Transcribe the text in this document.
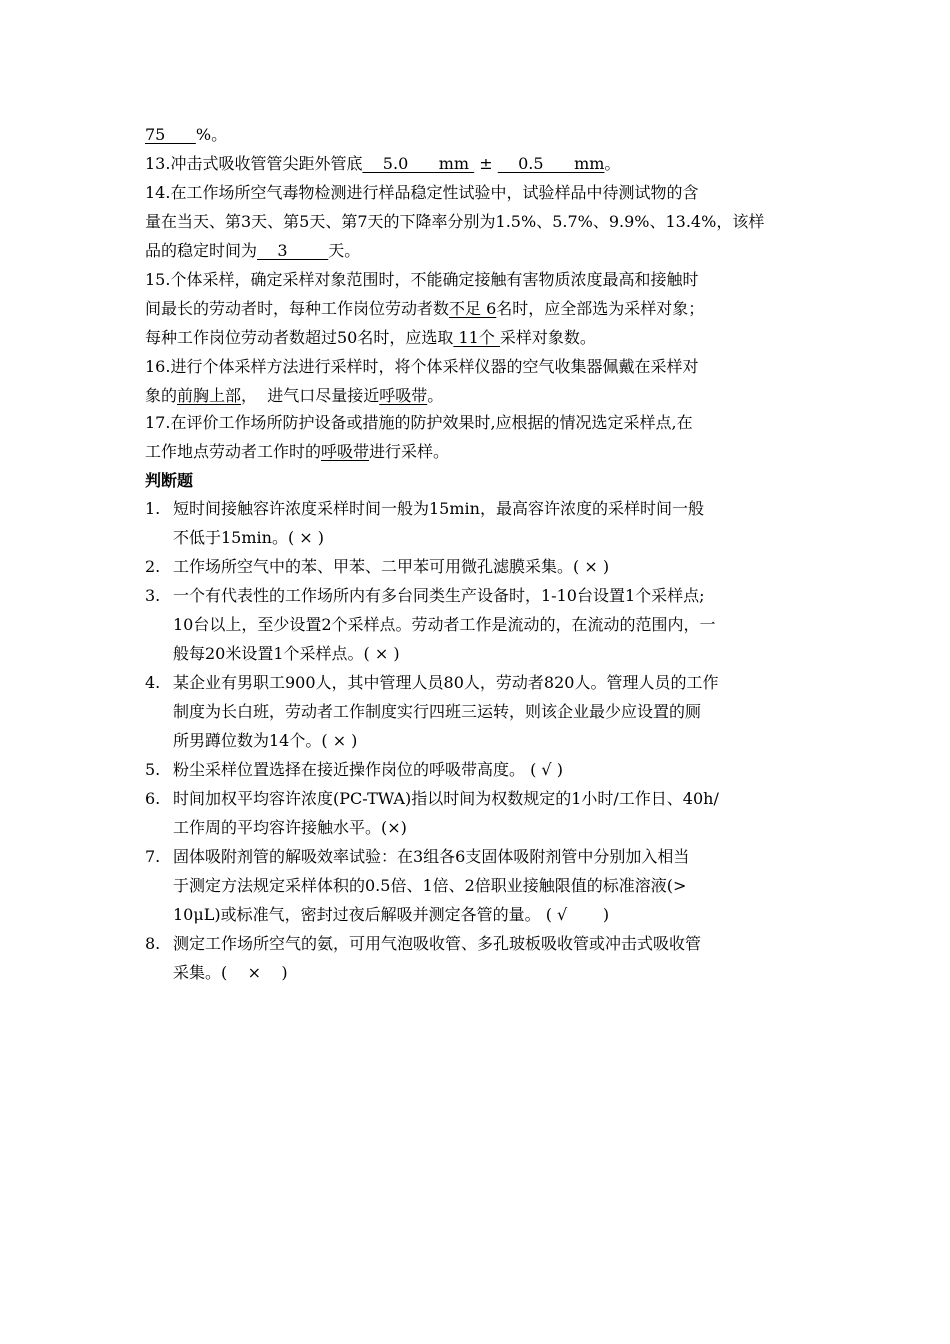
75      %。
13.冲击式吸收管管尖距外管底    5.0      mm  ±     0.5      mm。
14.在工作场所空气毒物检测进行样品稳定性试验中，试验样品中待测试物的含
量在当天、第3天、第5天、第7天的下降率分别为1.5%、5.7%、9.9%、13.4%，该样
品的稳定时间为    3        天。
15.个体采样，确定采样对象范围时，不能确定接触有害物质浓度最高和接触时
间最长的劳动者时，每种工作岗位劳动者数不足 6名时，应全部选为采样对象；
每种工作岗位劳动者数超过50名时，应选取 11个 采样对象数。
16.进行个体采样方法进行采样时，将个体采样仪器的空气收集器佩戴在采样对
象的前胸上部，  进气口尽量接近呼吸带。
17.在评价工作场所防护设备或措施的防护效果时,应根据的情况选定采样点,在
工作地点劳动者工作时的呼吸带进行采样。
判断题
1. 短时间接触容许浓度采样时间一般为15min，最高容许浓度的采样时间一般
不低于15min。( × )
2. 工作场所空气中的苯、甲苯、二甲苯可用微孔滤膜采集。( × )
3. 一个有代表性的工作场所内有多台同类生产设备时，1-10台设置1个采样点;
10台以上，至少设置2个采样点。劳动者工作是流动的，在流动的范围内，一
般每20米设置1个采样点。( × )
4. 某企业有男职工900人，其中管理人员80人，劳动者820人。管理人员的工作
制度为长白班，劳动者工作制度实行四班三运转，则该企业最少应设置的厕
所男蹲位数为14个。( × )
5. 粉尘采样位置选择在接近操作岗位的呼吸带高度。 ( √ )
6. 时间加权平均容许浓度(PC-TWA)指以时间为权数规定的1小时/工作日、40h/
工作周的平均容许接触水平。(×)
7. 固体吸附剂管的解吸效率试验：在3组各6支固体吸附剂管中分别加入相当
于测定方法规定采样体积的0.5倍、1倍、2倍职业接触限值的标准溶液(>
10μL)或标准气，密封过夜后解吸并测定各管的量。 ( √       )
8. 测定工作场所空气的氨，可用气泡吸收管、多孔玻板吸收管或冲击式吸收管
采集。(    ×    )
